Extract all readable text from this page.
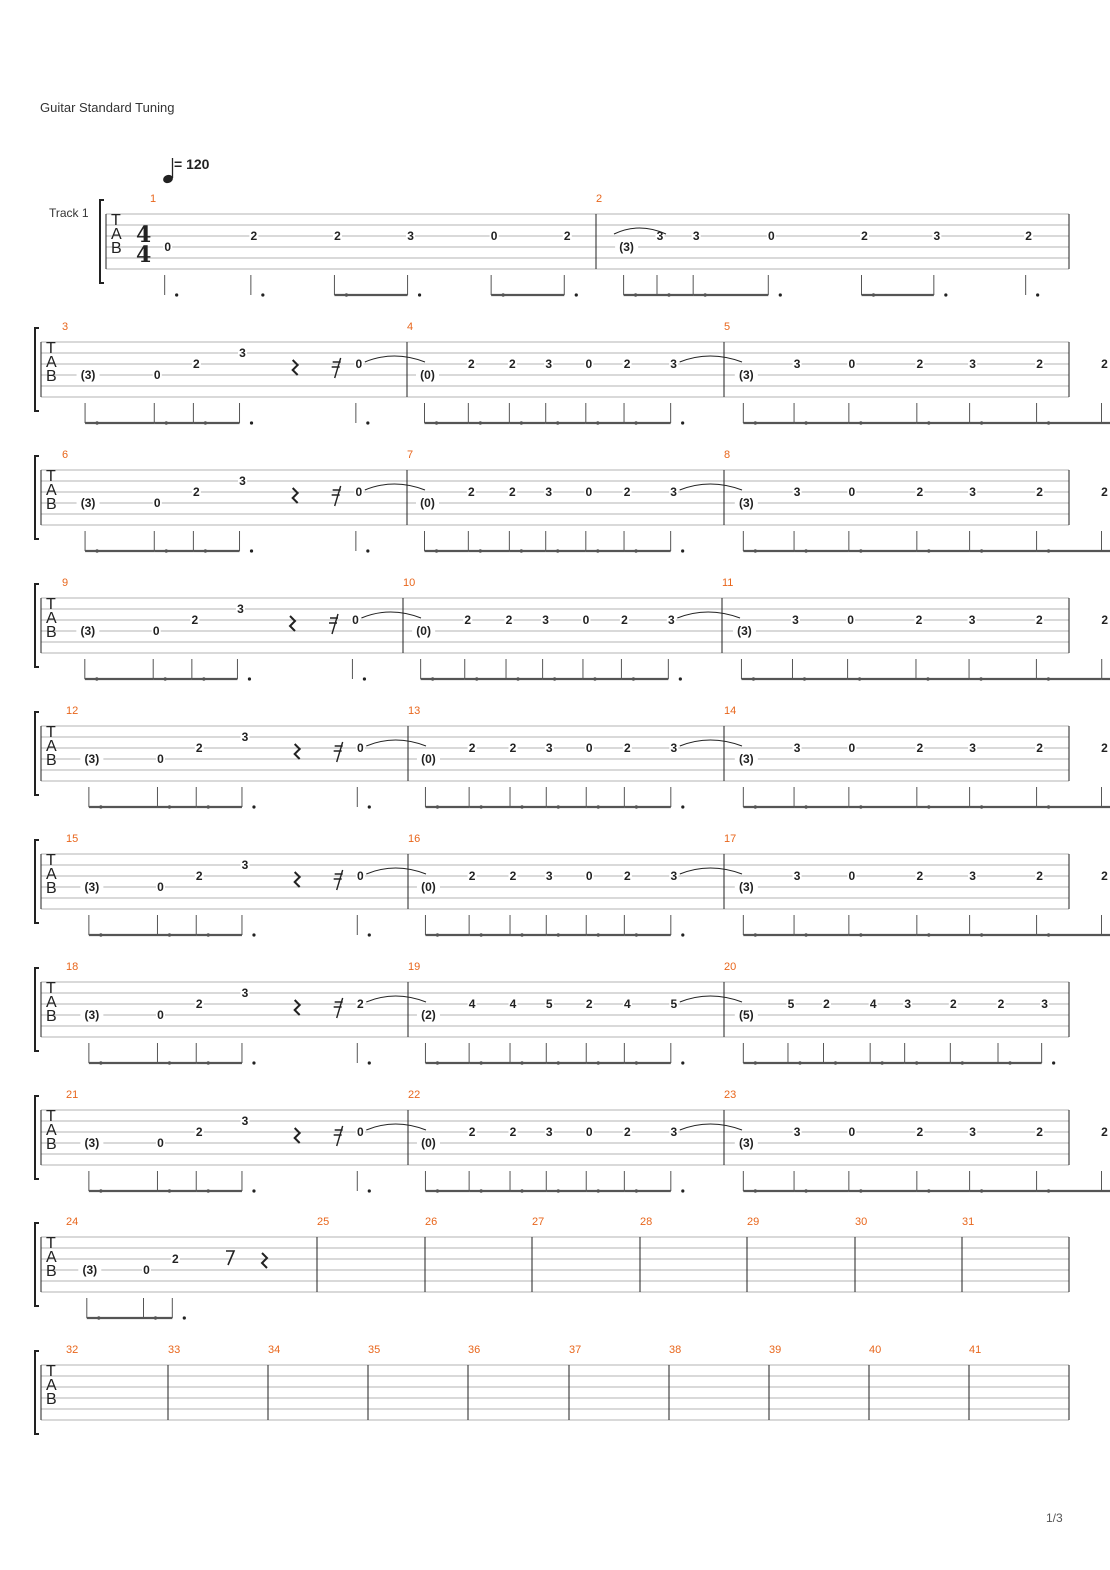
Guitar Standard Tuning
= 120
T
A
B
Track 1
4
4
1
0
2	2	3	0	2	3
2
(3)
3	0	2	3	2
T
A
B
3
(3)	0
2
3
0
4
(0)
2	2 3	0	2	3
5
(3)
3	0	2	3	2	2
T
A
B
6
(3)	0
2
3
0
7
(0)
2	2 3	0	2	3
8
(3)
3	0	2	3	2	2
T
A
B
9
(3)	0
2
3
0
10
(0)
2	2 3	0	2	3
11
(3)
3	0	2	3	2	2
T
A
B
12
(3)	0
2
3
0
13
(0)
2	2 3	0	2	3
14
(3)
3	0	2	3	2	2
T
A
B
15
(3)	0
2
3
0
16
(0)
2	2 3	0	2	3
17
(3)
3	0	2	3	2	2
T
A
B
18
(3)	0
2
3
2
19
(2)
4	4 5	2	4	5
20
(5)
5 2	4 3	2	2	3
T
A
B
21
(3)	0
2
3
0
22
(0)
2	2 3	0	2	3
23
(3)
3	0	2	3	2	2
T
A
B
24
(3)	0
2
25	26	27	28	29	30	31
T
A
B
32	33	34	35	36	37	38	39	40	41
1/3
